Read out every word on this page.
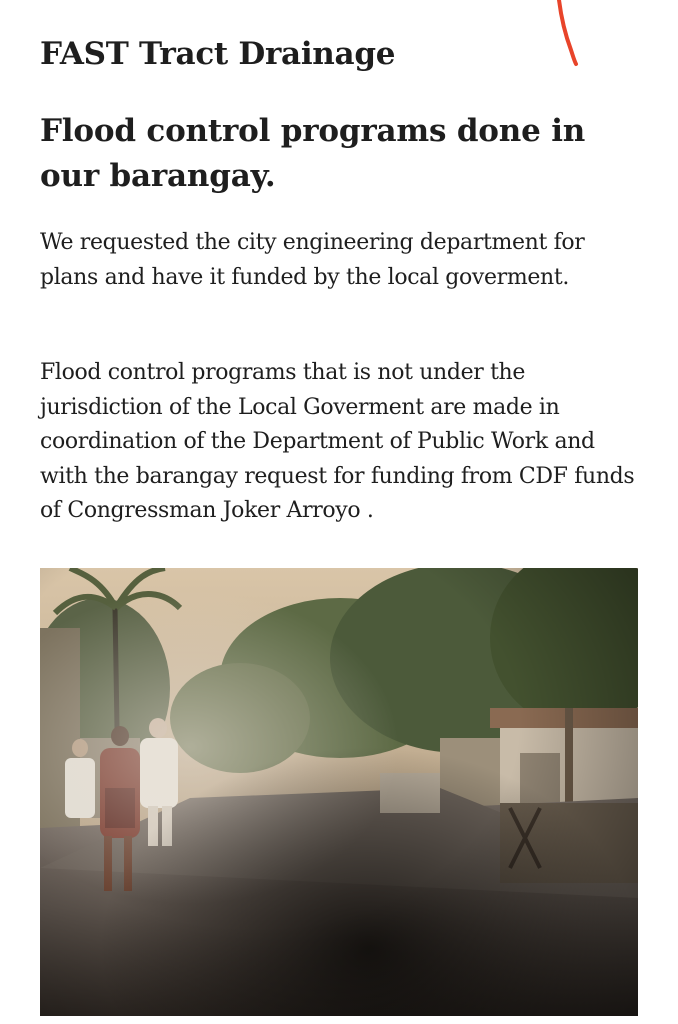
FAST Tract Drainage
Flood control programs done in our barangay.

We requested the city engineering department for plans and have it funded by the local goverment.

Flood control programs that is not under the jurisdiction of the Local Goverment are made in coordination of the Department of Public Work and with the barangay request for funding from CDF funds of Congressman Joker Arroyo .
